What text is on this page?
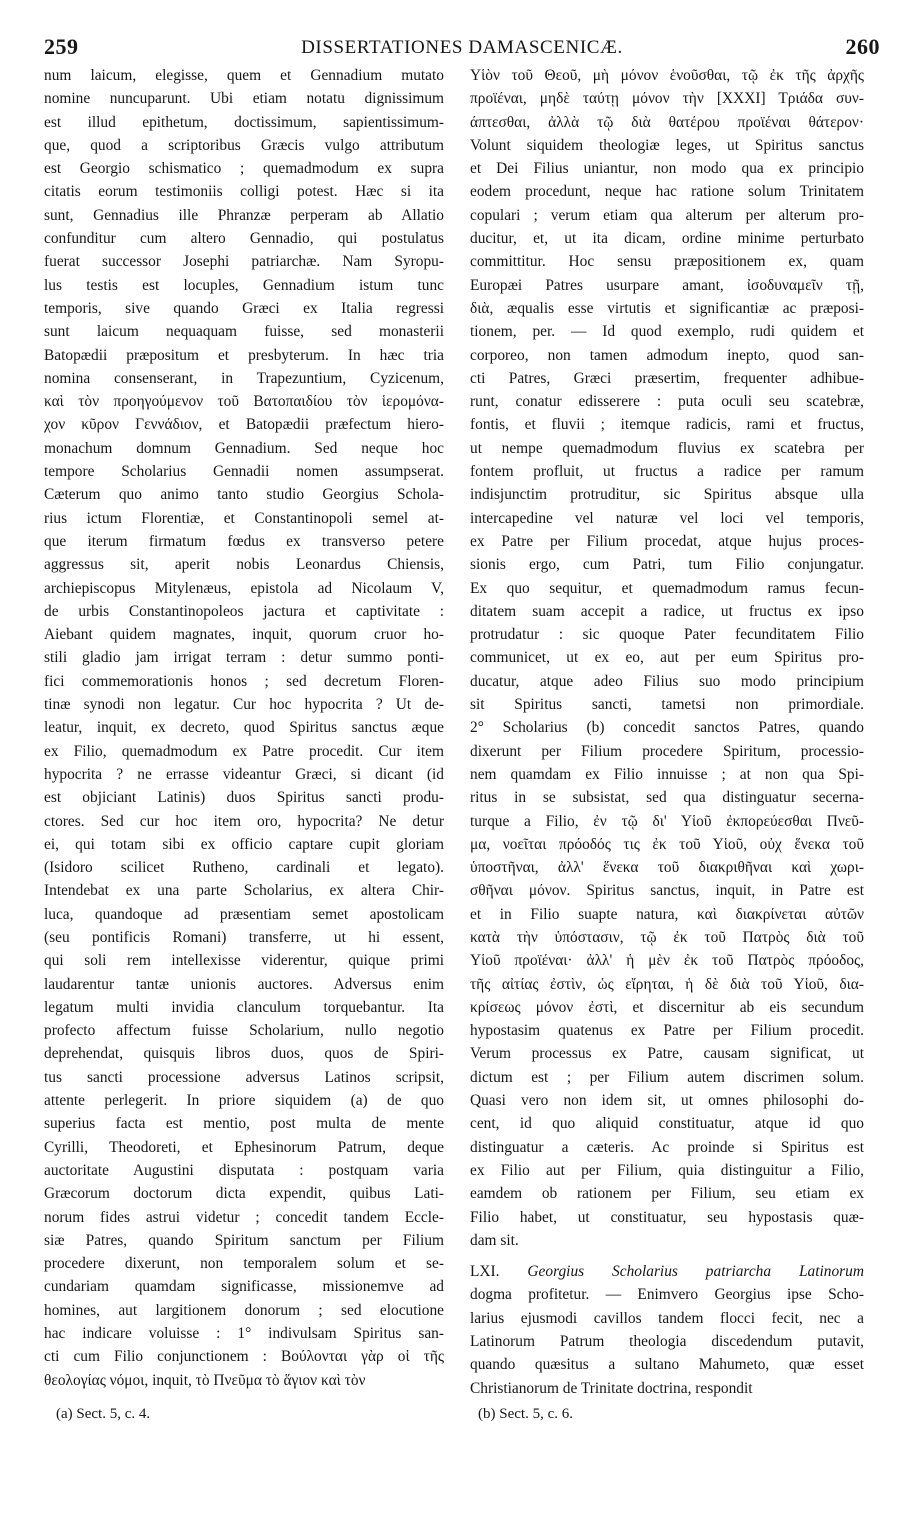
259	DISSERTATIONES DAMASCENICÆ.	260
num laicum, elegisse, quem et Gennadium mutato
nomine nuncuparunt. Ubi etiam notatu dignissimum
est illud epithetum, doctissimum, sapientissimum-
que, quod a scriptoribus Græcis vulgo attributum
est Georgio schismatico ; quemadmodum ex supra
citatis eorum testimoniis colligi potest. Hæc si ita
sunt, Gennadius ille Phranzæ perperam ab Allatio
confunditur cum altero Gennadio, qui postulatus
fuerat successor Josephi patriarchæ. Nam Syropu-
lus testis est locuples, Gennadium istum tunc
temporis, sive quando Græci ex Italia regressi
sunt laicum nequaquam fuisse, sed monasterii
Batopædii præpositum et presbyterum. In hæc tria
nomina consenserant, in Trapezuntium, Cyzicenum,
καὶ τὸν προηγούμενον τοῦ Βατοπαιδίου τὸν ἱερομόνα-
χον κῦρον Γεννάδιον, et Batopædii præfectum hiero-
monachum domnum Gennadium. Sed neque hoc
tempore Scholarius Gennadii nomen assumpserat.
Cæterum quo animo tanto studio Georgius Schola-
rius ictum Florentiæ, et Constantinopoli semel at-
que iterum firmatum fœdus ex transverso petere
aggressus sit, aperit nobis Leonardus Chiensis,
archiepiscopus Mitylenæus, epistola ad Nicolaum V,
de urbis Constantinopoleos jactura et captivitate :
Aiebant quidem magnates, inquit, quorum cruor ho-
stili gladio jam irrigat terram : detur summo ponti-
fici commemorationis honos ; sed decretum Floren-
tinæ synodi non legatur. Cur hoc hypocrita ? Ut de-
leatur, inquit, ex decreto, quod Spiritus sanctus æque
ex Filio, quemadmodum ex Patre procedit. Cur item
hypocrita ? ne errasse videantur Græci, si dicant (id
est objiciant Latinis) duos Spiritus sancti produ-
ctores. Sed cur hoc item oro, hypocrita? Ne detur
ei, qui totam sibi ex officio captare cupit gloriam
(Isidoro scilicet Rutheno, cardinali et legato).
Intendebat ex una parte Scholarius, ex altera Chir-
luca, quandoque ad præsentiam semet apostolicam
(seu pontificis Romani) transferre, ut hi essent,
qui soli rem intellexisse viderentur, quique primi
laudarentur tantæ unionis auctores. Adversus enim
legatum multi invidia clanculum torquebantur. Ita
profecto affectum fuisse Scholarium, nullo negotio
deprehendat, quisquis libros duos, quos de Spiri-
tus sancti processione adversus Latinos scripsit,
attente perlegerit. In priore siquidem (a) de quo
superius facta est mentio, post multa de mente
Cyrilli, Theodoreti, et Ephesinorum Patrum, deque
auctoritate Augustini disputata : postquam varia
Græcorum doctorum dicta expendit, quibus Lati-
norum fides astrui videtur ; concedit tandem Eccle-
siæ Patres, quando Spiritum sanctum per Filium
procedere dixerunt, non temporalem solum et se-
cundariam quamdam significasse, missionemve ad
homines, aut largitionem donorum ; sed elocutione
hac indicare voluisse : 1° indivulsam Spiritus san-
cti cum Filio conjunctionem : Βούλονται γὰρ οἱ τῆς
θεολογίας νόμοι, inquit, τὸ Πνεῦμα τὸ ἅγιον καὶ τὸν
Υἱὸν τοῦ Θεοῦ, μὴ μόνον ἑνοῦσθαι, τῷ ἐκ τῆς ἀρχῆς
προϊέναι, μηδὲ ταύτῃ μόνον τὴν [XXXI] Τριάδα συν-
άπτεσθαι, ἀλλὰ τῷ διὰ θατέρου προϊέναι θάτερον·
Volunt siquidem theologiæ leges, ut Spiritus sanctus
et Dei Filius uniantur, non modo qua ex principio
eodem procedunt, neque hac ratione solum Trinitatem
copulari ; verum etiam qua alterum per alterum pro-
ducitur, et, ut ita dicam, ordine minime perturbato
committitur. Hoc sensu præpositionem ex, quam
Europæi Patres usurpare amant, ἰσοδυναμεῖν τῇ,
διὰ, æqualis esse virtutis et significantiæ ac præposi-
tionem, per. — Id quod exemplo, rudi quidem et
corporeo, non tamen admodum inepto, quod san-
cti Patres, Græci præsertim, frequenter adhibue-
runt, conatur edisserere : puta oculi seu scatebræ,
fontis, et fluvii ; itemque radicis, rami et fructus,
ut nempe quemadmodum fluvius ex scatebra per
fontem profluit, ut fructus a radice per ramum
indisjunctim protruditur, sic Spiritus absque ulla
intercapedine vel naturæ vel loci vel temporis,
ex Patre per Filium procedat, atque hujus proces-
sionis ergo, cum Patri, tum Filio conjungatur.
Ex quo sequitur, et quemadmodum ramus fecun-
ditatem suam accepit a radice, ut fructus ex ipso
protrudatur : sic quoque Pater fecunditatem Filio
communicet, ut ex eo, aut per eum Spiritus pro-
ducatur, atque adeo Filius suo modo principium
sit Spiritus sancti, tametsi non primordiale.
2° Scholarius (b) concedit sanctos Patres, quando
dixerunt per Filium procedere Spiritum, processio-
nem quamdam ex Filio innuisse ; at non qua Spi-
ritus in se subsistat, sed qua distinguatur secerna-
turque a Filio, ἐν τῷ δι' Υἱοῦ ἐκπορεύεσθαι Πνεῦ-
μα, νοεῖται πρόοδός τις ἐκ τοῦ Υἱοῦ, οὐχ ἕνεκα τοῦ
ὑποστῆναι, ἀλλ' ἕνεκα τοῦ διακριθῆναι καὶ χωρι-
σθῆναι μόνον. Spiritus sanctus, inquit, in Patre est
et in Filio suapte natura, καὶ διακρίνεται αὐτῶν
κατὰ τὴν ὑπόστασιν, τῷ ἐκ τοῦ Πατρὸς διὰ τοῦ
Υἱοῦ προϊέναι· ἀλλ' ἡ μὲν ἐκ τοῦ Πατρὸς πρόοδος,
τῆς αἰτίας ἐστὶν, ὡς εἴρηται, ἡ δὲ διὰ τοῦ Υἱοῦ, δια-
κρίσεως μόνον ἐστὶ, et discernitur ab eis secundum
hypostasim quatenus ex Patre per Filium procedit.
Verum processus ex Patre, causam significat, ut
dictum est ; per Filium autem discrimen solum.
Quasi vero non idem sit, ut omnes philosophi do-
cent, id quo aliquid constituatur, atque id quo
distinguatur a cæteris. Ac proinde si Spiritus est
ex Filio aut per Filium, quia distinguitur a Filio,
eamdem ob rationem per Filium, seu etiam ex
Filio habet, ut constituatur, seu hypostasis quæ-
dam sit.
LXI. Georgius Scholarius patriarcha Latinorum
dogma profitetur. — Enimvero Georgius ipse Scho-
larius ejusmodi cavillos tandem flocci fecit, nec a
Latinorum Patrum theologia discedendum putavit,
quando quæsitus a sultano Mahumeto, quæ esset
Christianorum de Trinitate doctrina, respondit
(a) Sect. 5, c. 4.	(b) Sect. 5, c. 6.
